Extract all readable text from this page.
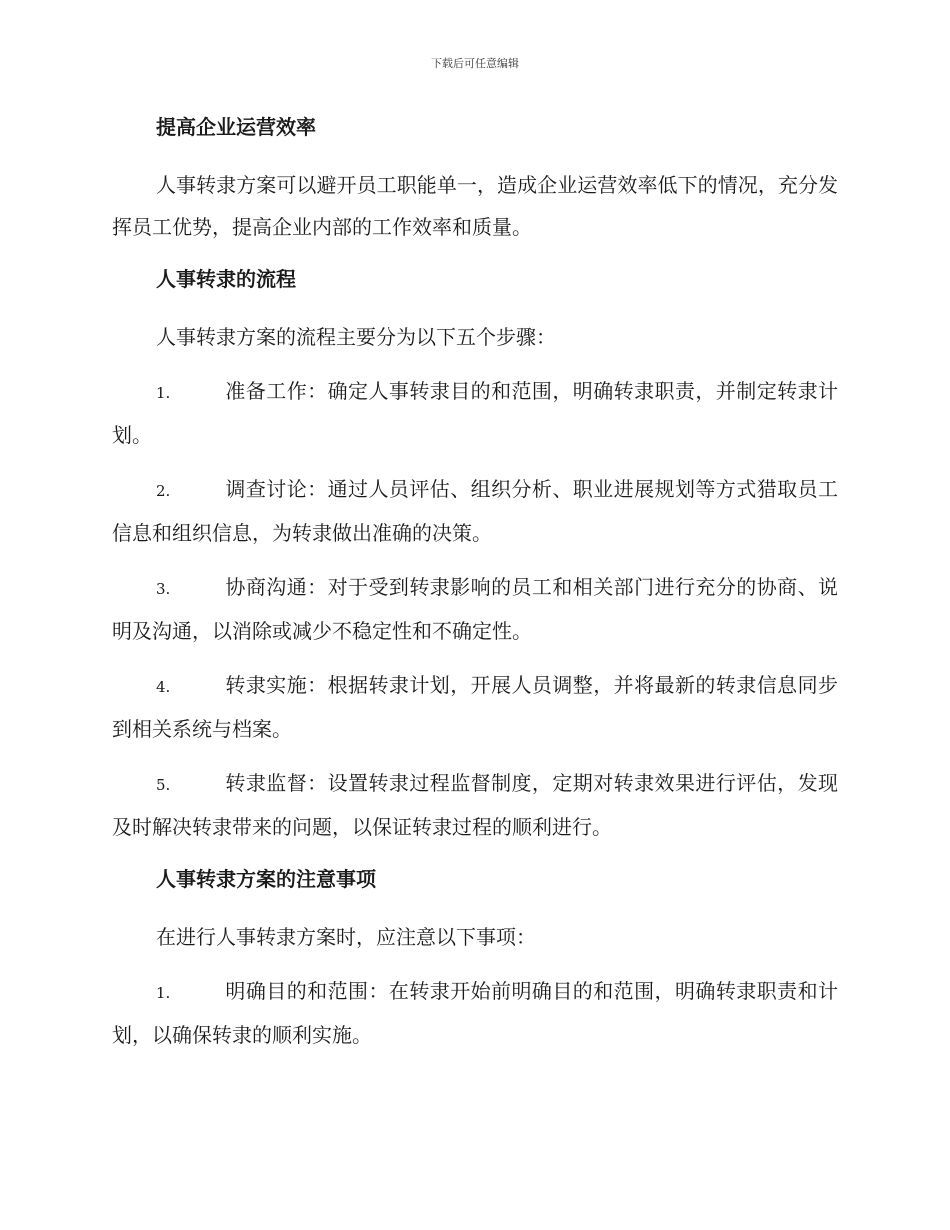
下载后可任意编辑
提高企业运营效率

人事转隶方案可以避开员工职能单一，造成企业运营效率低下的情况，充分发挥员工优势，提高企业内部的工作效率和质量。

人事转隶的流程

人事转隶方案的流程主要分为以下五个步骤：

1.	准备工作：确定人事转隶目的和范围，明确转隶职责，并制定转隶计划。

2.	调查讨论：通过人员评估、组织分析、职业进展规划等方式猎取员工信息和组织信息，为转隶做出准确的决策。

3.	协商沟通：对于受到转隶影响的员工和相关部门进行充分的协商、说明及沟通，以消除或减少不稳定性和不确定性。

4.	转隶实施：根据转隶计划，开展人员调整，并将最新的转隶信息同步到相关系统与档案。

5.	转隶监督：设置转隶过程监督制度，定期对转隶效果进行评估，发现及时解决转隶带来的问题，以保证转隶过程的顺利进行。

人事转隶方案的注意事项

在进行人事转隶方案时，应注意以下事项：

1.	明确目的和范围：在转隶开始前明确目的和范围，明确转隶职责和计划，以确保转隶的顺利实施。
